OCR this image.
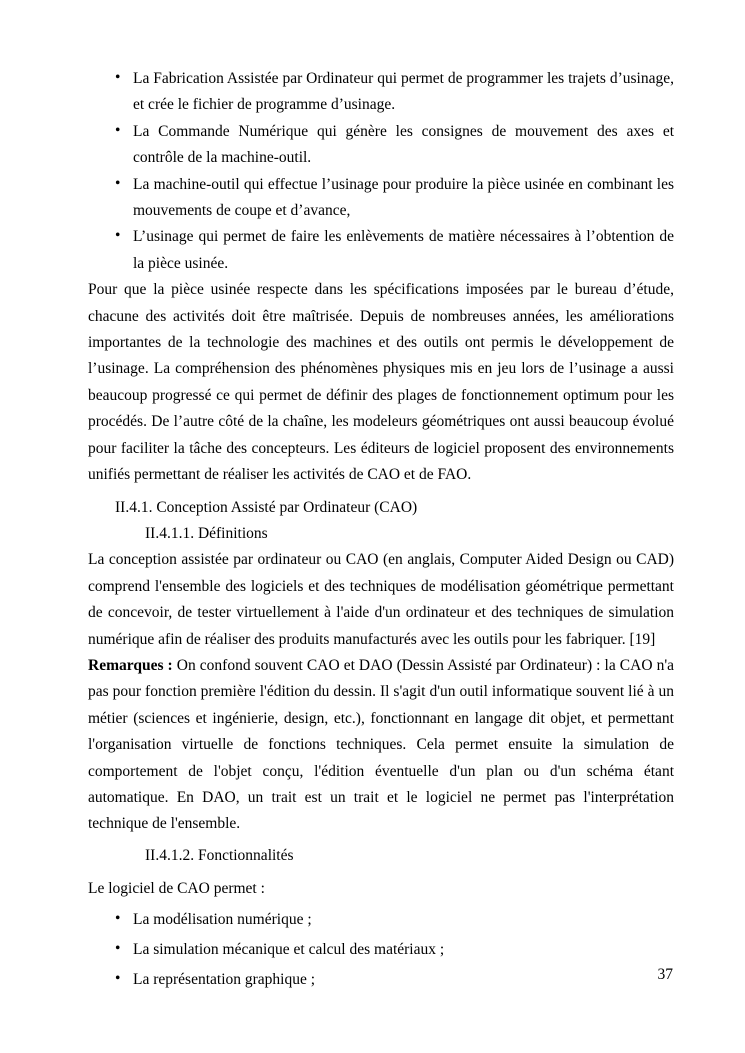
• La Fabrication Assistée par Ordinateur qui permet de programmer les trajets d’usinage, et crée le fichier de programme d’usinage.
• La Commande Numérique qui génère les consignes de mouvement des axes et contrôle de la machine-outil.
• La machine-outil qui effectue l’usinage pour produire la pièce usinée en combinant les mouvements de coupe et d’avance,
• L’usinage qui permet de faire les enlèvements de matière nécessaires à l’obtention de la pièce usinée.

Pour que la pièce usinée respecte dans les spécifications imposées par le bureau d’étude, chacune des activités doit être maîtrisée. Depuis de nombreuses années, les améliorations importantes de la technologie des machines et des outils ont permis le développement de l’usinage. La compréhension des phénomènes physiques mis en jeu lors de l’usinage a aussi beaucoup progressé ce qui permet de définir des plages de fonctionnement optimum pour les procédés. De l’autre côté de la chaîne, les modeleurs géométriques ont aussi beaucoup évolué pour faciliter la tâche des concepteurs. Les éditeurs de logiciel proposent des environnements unifiés permettant de réaliser les activités de CAO et de FAO.

II.4.1. Conception Assisté par Ordinateur (CAO)
II.4.1.1. Définitions

La conception assistée par ordinateur ou CAO (en anglais, Computer Aided Design ou CAD) comprend l'ensemble des logiciels et des techniques de modélisation géométrique permettant de concevoir, de tester virtuellement à l'aide d'un ordinateur et des techniques de simulation numérique afin de réaliser des produits manufacturés avec les outils pour les fabriquer. [19]

Remarques : On confond souvent CAO et DAO (Dessin Assisté par Ordinateur) : la CAO n'a pas pour fonction première l'édition du dessin. Il s'agit d'un outil informatique souvent lié à un métier (sciences et ingénierie, design, etc.), fonctionnant en langage dit objet, et permettant l'organisation virtuelle de fonctions techniques. Cela permet ensuite la simulation de comportement de l'objet conçu, l'édition éventuelle d'un plan ou d'un schéma étant automatique. En DAO, un trait est un trait et le logiciel ne permet pas l'interprétation technique de l'ensemble.

II.4.1.2. Fonctionnalités

Le logiciel de CAO permet :

• La modélisation numérique ;
• La simulation mécanique et calcul des matériaux ;
• La représentation graphique ;	37
